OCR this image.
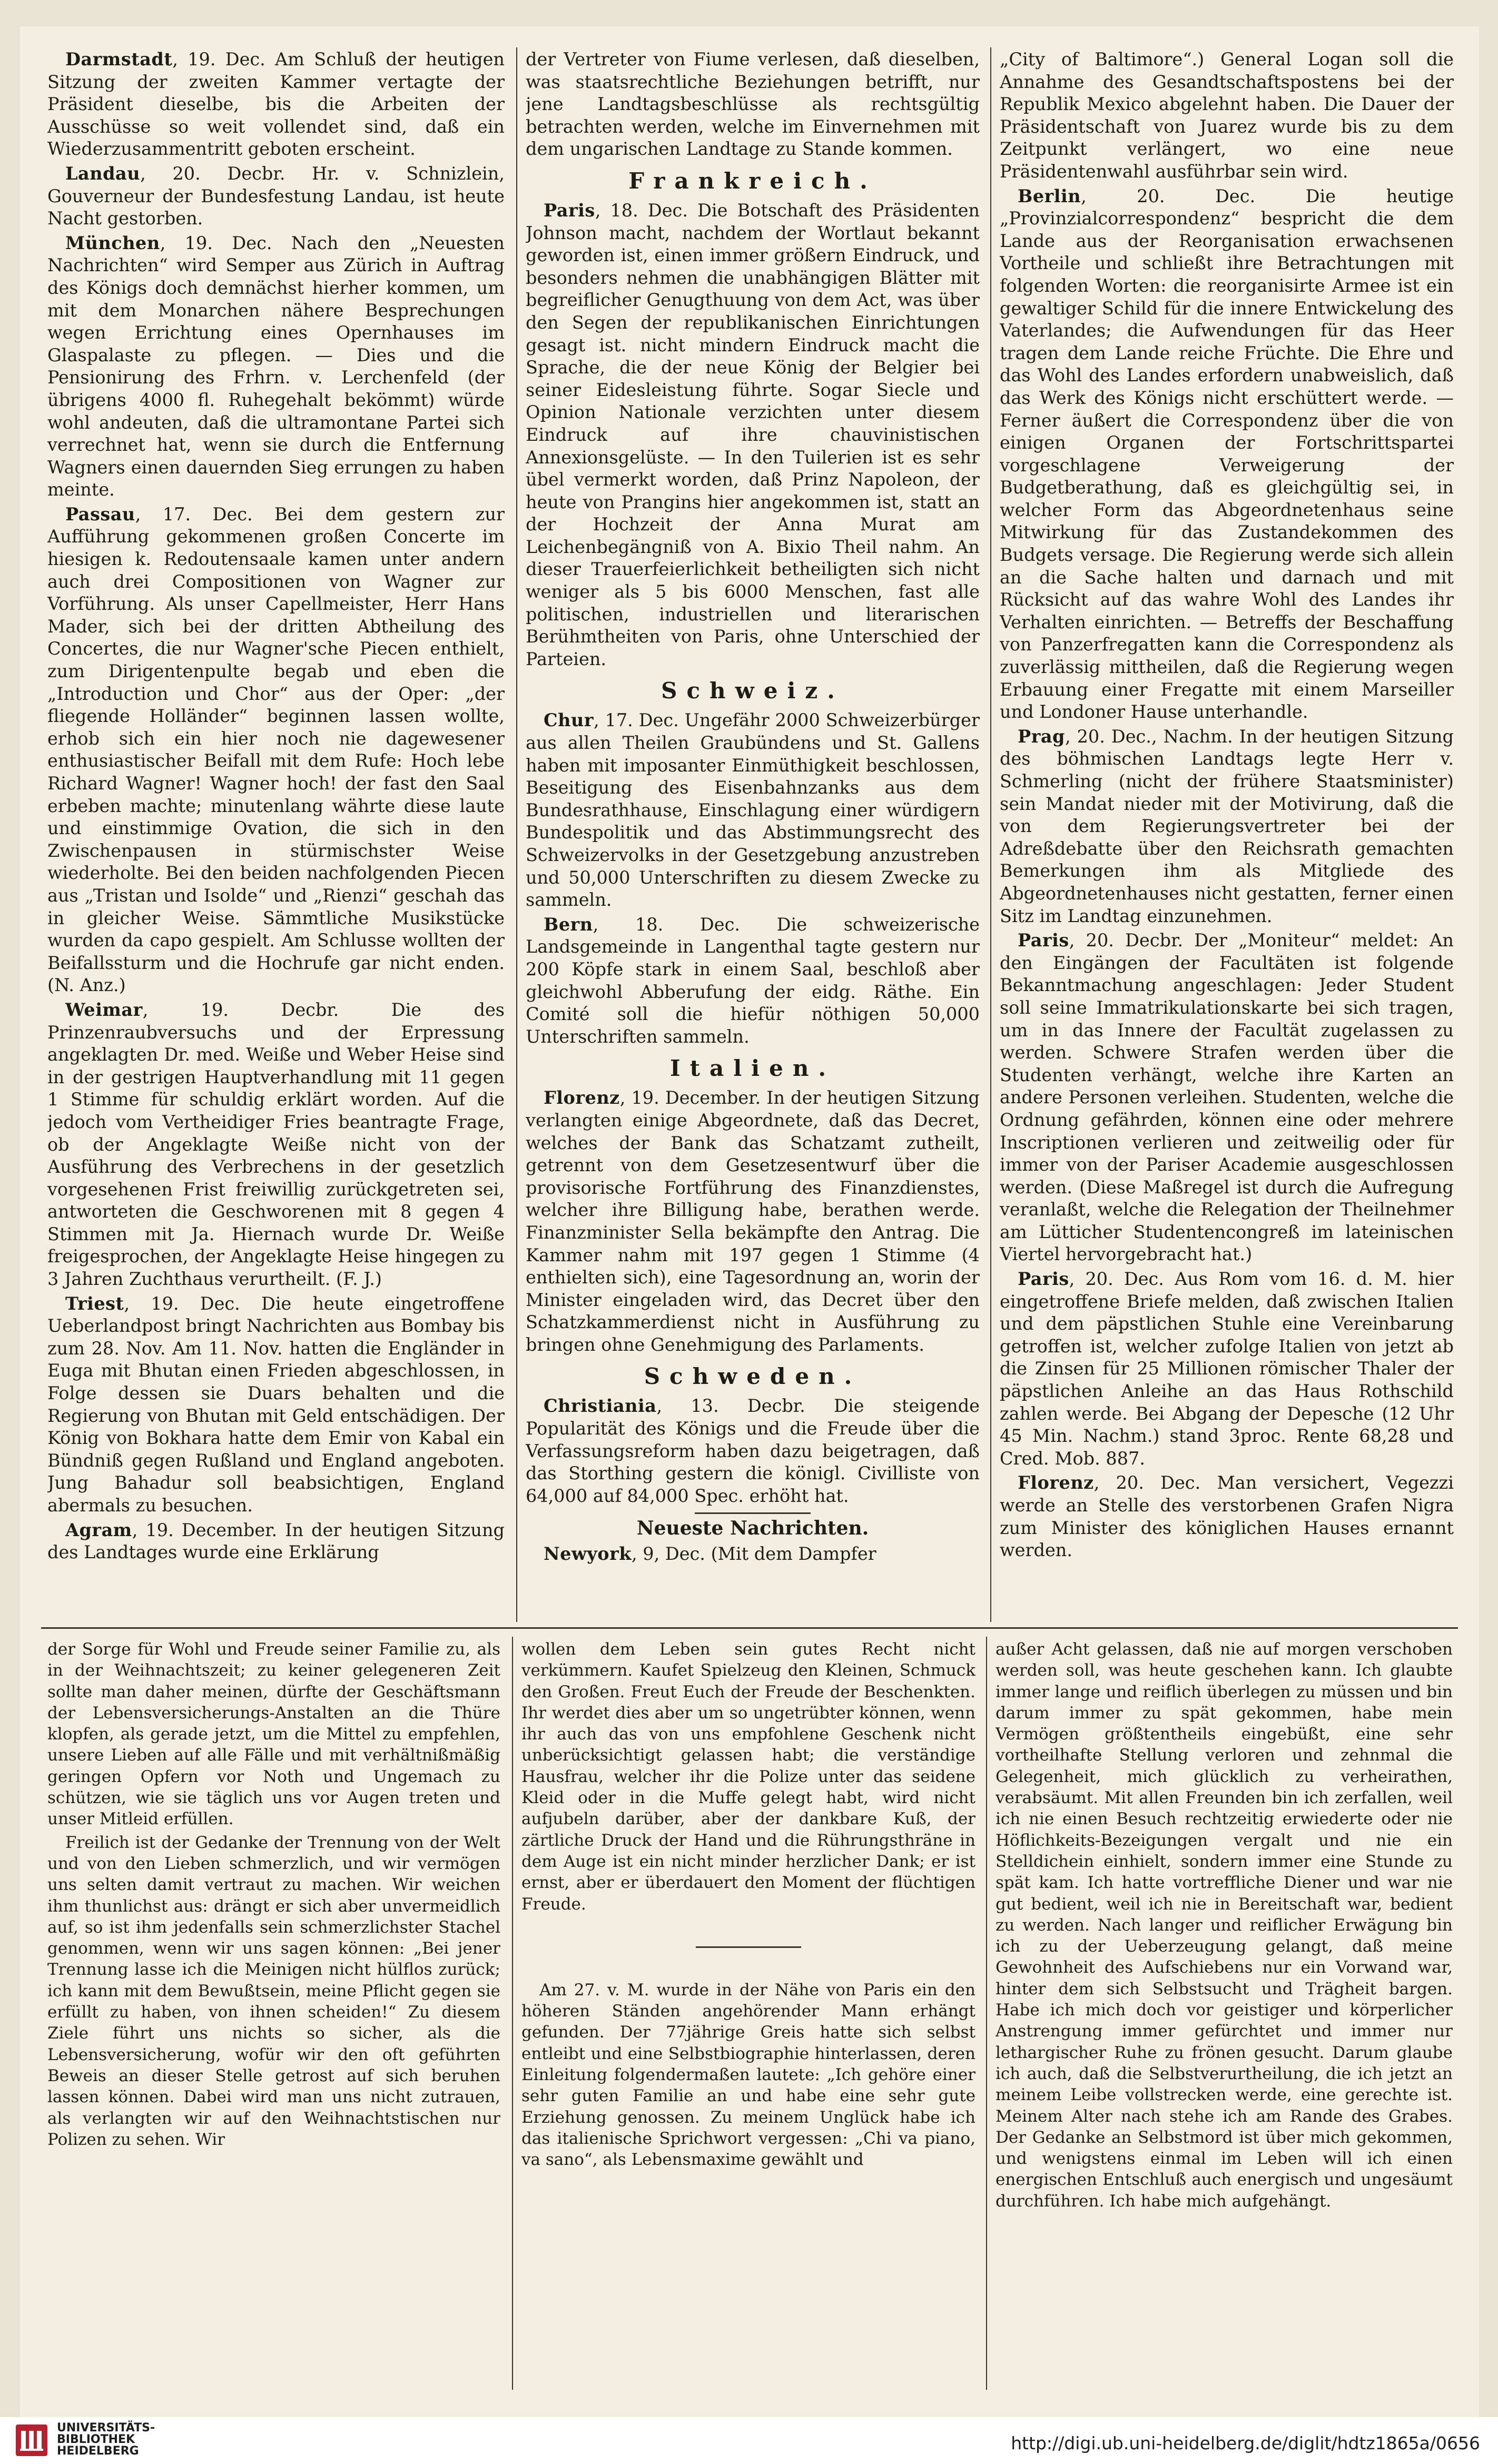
Darmstadt, 19. Dec. Am Schluß der heutigen Sitzung der zweiten Kammer vertagte der Präsident dieselbe, bis die Arbeiten der Ausschüsse so weit vollendet sind, daß ein Wiederzusammentritt geboten erscheint.

Landau, 20. Decbr. Hr. v. Schnizlein, Gouverneur der Bundesfestung Landau, ist heute Nacht gestorben.

München, 19. Dec. Nach den „Neuesten Nachrichten“ wird Semper aus Zürich in Auftrag des Königs doch demnächst hierher kommen, um mit dem Monarchen nähere Besprechungen wegen Errichtung eines Opernhauses im Glaspalaste zu pflegen. — Dies und die Pensionirung des Frhrn. v. Lerchenfeld (der übrigens 4000 fl. Ruhegehalt bekömmt) würde wohl andeuten, daß die ultramontane Partei sich verrechnet hat, wenn sie durch die Entfernung Wagners einen dauernden Sieg errungen zu haben meinte.

Passau, 17. Dec. Bei dem gestern zur Aufführung gekommenen großen Concerte im hiesigen k. Redoutensaale kamen unter andern auch drei Compositionen von Wagner zur Vorführung. Als unser Capellmeister, Herr Hans Mader, sich bei der dritten Abtheilung des Concertes, die nur Wagner'sche Piecen enthielt, zum Dirigentenpulte begab und eben die „Introduction und Chor“ aus der Oper: „der fliegende Holländer“ beginnen lassen wollte, erhob sich ein hier noch nie dagewesener enthusiastischer Beifall mit dem Rufe: Hoch lebe Richard Wagner! Wagner hoch! der fast den Saal erbeben machte; minutenlang währte diese laute und einstimmige Ovation, die sich in den Zwischenpausen in stürmischster Weise wiederholte. Bei den beiden nachfolgenden Piecen aus „Tristan und Isolde“ und „Rienzi“ geschah das in gleicher Weise. Sämmtliche Musikstücke wurden da capo gespielt. Am Schlusse wollten der Beifallssturm und die Hochrufe gar nicht enden. (N. Anz.)

Weimar, 19. Decbr. Die des Prinzenraubversuchs und der Erpressung angeklagten Dr. med. Weiße und Weber Heise sind in der gestrigen Hauptverhandlung mit 11 gegen 1 Stimme für schuldig erklärt worden. Auf die jedoch vom Vertheidiger Fries beantragte Frage, ob der Angeklagte Weiße nicht von der Ausführung des Verbrechens in der gesetzlich vorgesehenen Frist freiwillig zurückgetreten sei, antworteten die Geschworenen mit 8 gegen 4 Stimmen mit Ja. Hiernach wurde Dr. Weiße freigesprochen, der Angeklagte Heise hingegen zu 3 Jahren Zuchthaus verurtheilt. (F. J.)

Triest, 19. Dec. Die heute eingetroffene Ueberlandpost bringt Nachrichten aus Bombay bis zum 28. Nov. Am 11. Nov. hatten die Engländer in Euga mit Bhutan einen Frieden abgeschlossen, in Folge dessen sie Duars behalten und die Regierung von Bhutan mit Geld entschädigen. Der König von Bokhara hatte dem Emir von Kabal ein Bündniß gegen Rußland und England angeboten. Jung Bahadur soll beabsichtigen, England abermals zu besuchen.

Agram, 19. December. In der heutigen Sitzung des Landtages wurde eine Erklärung

der Vertreter von Fiume verlesen, daß dieselben, was staatsrechtliche Beziehungen betrifft, nur jene Landtagsbeschlüsse als rechtsgültig betrachten werden, welche im Einvernehmen mit dem ungarischen Landtage zu Stande kommen.

Frankreich.

Paris, 18. Dec. Die Botschaft des Präsidenten Johnson macht, nachdem der Wortlaut bekannt geworden ist, einen immer größern Eindruck, und besonders nehmen die unabhängigen Blätter mit begreiflicher Genugthuung von dem Act, was über den Segen der republikanischen Einrichtungen gesagt ist. nicht mindern Eindruck macht die Sprache, die der neue König der Belgier bei seiner Eidesleistung führte. Sogar Siecle und Opinion Nationale verzichten unter diesem Eindruck auf ihre chauvinistischen Annexionsgelüste. — In den Tuilerien ist es sehr übel vermerkt worden, daß Prinz Napoleon, der heute von Prangins hier angekommen ist, statt an der Hochzeit der Anna Murat am Leichenbegängniß von A. Bixio Theil nahm. An dieser Trauerfeierlichkeit betheiligten sich nicht weniger als 5 bis 6000 Menschen, fast alle politischen, industriellen und literarischen Berühmtheiten von Paris, ohne Unterschied der Parteien.

Schweiz.

Chur, 17. Dec. Ungefähr 2000 Schweizerbürger aus allen Theilen Graubündens und St. Gallens haben mit imposanter Einmüthigkeit beschlossen, Beseitigung des Eisenbahnzanks aus dem Bundesrathhause, Einschlagung einer würdigern Bundespolitik und das Abstimmungsrecht des Schweizervolks in der Gesetzgebung anzustreben und 50,000 Unterschriften zu diesem Zwecke zu sammeln.

Bern, 18. Dec. Die schweizerische Landsgemeinde in Langenthal tagte gestern nur 200 Köpfe stark in einem Saal, beschloß aber gleichwohl Abberufung der eidg. Räthe. Ein Comité soll die hiefür nöthigen 50,000 Unterschriften sammeln.

Italien.

Florenz, 19. December. In der heutigen Sitzung verlangten einige Abgeordnete, daß das Decret, welches der Bank das Schatzamt zutheilt, getrennt von dem Gesetzesentwurf über die provisorische Fortführung des Finanzdienstes, welcher ihre Billigung habe, berathen werde. Finanzminister Sella bekämpfte den Antrag. Die Kammer nahm mit 197 gegen 1 Stimme (4 enthielten sich), eine Tagesordnung an, worin der Minister eingeladen wird, das Decret über den Schatzkammerdienst nicht in Ausführung zu bringen ohne Genehmigung des Parlaments.

Schweden.

Christiania, 13. Decbr. Die steigende Popularität des Königs und die Freude über die Verfassungsreform haben dazu beigetragen, daß das Storthing gestern die königl. Civilliste von 64,000 auf 84,000 Spec. erhöht hat.

Neueste Nachrichten.

Newyork, 9, Dec. (Mit dem Dampfer

„City of Baltimore“.) General Logan soll die Annahme des Gesandtschaftspostens bei der Republik Mexico abgelehnt haben. Die Dauer der Präsidentschaft von Juarez wurde bis zu dem Zeitpunkt verlängert, wo eine neue Präsidentenwahl ausführbar sein wird.

Berlin, 20. Dec. Die heutige „Provinzialcorrespondenz“ bespricht die dem Lande aus der Reorganisation erwachsenen Vortheile und schließt ihre Betrachtungen mit folgenden Worten: die reorganisirte Armee ist ein gewaltiger Schild für die innere Entwickelung des Vaterlandes; die Aufwendungen für das Heer tragen dem Lande reiche Früchte. Die Ehre und das Wohl des Landes erfordern unabweislich, daß das Werk des Königs nicht erschüttert werde. — Ferner äußert die Correspondenz über die von einigen Organen der Fortschrittspartei vorgeschlagene Verweigerung der Budgetberathung, daß es gleichgültig sei, in welcher Form das Abgeordnetenhaus seine Mitwirkung für das Zustandekommen des Budgets versage. Die Regierung werde sich allein an die Sache halten und darnach und mit Rücksicht auf das wahre Wohl des Landes ihr Verhalten einrichten. — Betreffs der Beschaffung von Panzerfregatten kann die Correspondenz als zuverlässig mittheilen, daß die Regierung wegen Erbauung einer Fregatte mit einem Marseiller und Londoner Hause unterhandle.

Prag, 20. Dec., Nachm. In der heutigen Sitzung des böhmischen Landtags legte Herr v. Schmerling (nicht der frühere Staatsminister) sein Mandat nieder mit der Motivirung, daß die von dem Regierungsvertreter bei der Adreßdebatte über den Reichsrath gemachten Bemerkungen ihm als Mitgliede des Abgeordnetenhauses nicht gestatten, ferner einen Sitz im Landtag einzunehmen.

Paris, 20. Decbr. Der „Moniteur“ meldet: An den Eingängen der Facultäten ist folgende Bekanntmachung angeschlagen: Jeder Student soll seine Immatrikulationskarte bei sich tragen, um in das Innere der Facultät zugelassen zu werden. Schwere Strafen werden über die Studenten verhängt, welche ihre Karten an andere Personen verleihen. Studenten, welche die Ordnung gefährden, können eine oder mehrere Inscriptionen verlieren und zeitweilig oder für immer von der Pariser Academie ausgeschlossen werden. (Diese Maßregel ist durch die Aufregung veranlaßt, welche die Relegation der Theilnehmer am Lütticher Studentencongreß im lateinischen Viertel hervorgebracht hat.)

Paris, 20. Dec. Aus Rom vom 16. d. M. hier eingetroffene Briefe melden, daß zwischen Italien und dem päpstlichen Stuhle eine Vereinbarung getroffen ist, welcher zufolge Italien von jetzt ab die Zinsen für 25 Millionen römischer Thaler der päpstlichen Anleihe an das Haus Rothschild zahlen werde. Bei Abgang der Depesche (12 Uhr 45 Min. Nachm.) stand 3proc. Rente 68,28 und Cred. Mob. 887.

Florenz, 20. Dec. Man versichert, Vegezzi werde an Stelle des verstorbenen Grafen Nigra zum Minister des königlichen Hauses ernannt werden.

der Sorge für Wohl und Freude seiner Familie zu, als in der Weihnachtszeit; zu keiner gelegeneren Zeit sollte man daher meinen, dürfte der Geschäftsmann der Lebensversicherungs-Anstalten an die Thüre klopfen, als gerade jetzt, um die Mittel zu empfehlen, unsere Lieben auf alle Fälle und mit verhältnißmäßig geringen Opfern vor Noth und Ungemach zu schützen, wie sie täglich uns vor Augen treten und unser Mitleid erfüllen.

Freilich ist der Gedanke der Trennung von der Welt und von den Lieben schmerzlich, und wir vermögen uns selten damit vertraut zu machen. Wir weichen ihm thunlichst aus: drängt er sich aber unvermeidlich auf, so ist ihm jedenfalls sein schmerzlichster Stachel genommen, wenn wir uns sagen können: „Bei jener Trennung lasse ich die Meinigen nicht hülflos zurück; ich kann mit dem Bewußtsein, meine Pflicht gegen sie erfüllt zu haben, von ihnen scheiden!“ Zu diesem Ziele führt uns nichts so sicher, als die Lebensversicherung, wofür wir den oft geführten Beweis an dieser Stelle getrost auf sich beruhen lassen können. Dabei wird man uns nicht zutrauen, als verlangten wir auf den Weihnachtstischen nur Polizen zu sehen. Wir

wollen dem Leben sein gutes Recht nicht verkümmern. Kaufet Spielzeug den Kleinen, Schmuck den Großen. Freut Euch der Freude der Beschenkten. Ihr werdet dies aber um so ungetrübter können, wenn ihr auch das von uns empfohlene Geschenk nicht unberücksichtigt gelassen habt; die verständige Hausfrau, welcher ihr die Polize unter das seidene Kleid oder in die Muffe gelegt habt, wird nicht aufjubeln darüber, aber der dankbare Kuß, der zärtliche Druck der Hand und die Rührungsthräne in dem Auge ist ein nicht minder herzlicher Dank; er ist ernst, aber er überdauert den Moment der flüchtigen Freude.

Am 27. v. M. wurde in der Nähe von Paris ein den höheren Ständen angehörender Mann erhängt gefunden. Der 77jährige Greis hatte sich selbst entleibt und eine Selbstbiographie hinterlassen, deren Einleitung folgendermaßen lautete: „Ich gehöre einer sehr guten Familie an und habe eine sehr gute Erziehung genossen. Zu meinem Unglück habe ich das italienische Sprichwort vergessen: „Chi va piano, va sano“, als Lebensmaxime gewählt und

außer Acht gelassen, daß nie auf morgen verschoben werden soll, was heute geschehen kann. Ich glaubte immer lange und reiflich überlegen zu müssen und bin darum immer zu spät gekommen, habe mein Vermögen größtentheils eingebüßt, eine sehr vortheilhafte Stellung verloren und zehnmal die Gelegenheit, mich glücklich zu verheirathen, verabsäumt. Mit allen Freunden bin ich zerfallen, weil ich nie einen Besuch rechtzeitig erwiederte oder nie Höflichkeits-Bezeigungen vergalt und nie ein Stelldichein einhielt, sondern immer eine Stunde zu spät kam. Ich hatte vortreffliche Diener und war nie gut bedient, weil ich nie in Bereitschaft war, bedient zu werden. Nach langer und reiflicher Erwägung bin ich zu der Ueberzeugung gelangt, daß meine Gewohnheit des Aufschiebens nur ein Vorwand war, hinter dem sich Selbstsucht und Trägheit bargen. Habe ich mich doch vor geistiger und körperlicher Anstrengung immer gefürchtet und immer nur lethargischer Ruhe zu frönen gesucht. Darum glaube ich auch, daß die Selbstverurtheilung, die ich jetzt an meinem Leibe vollstrecken werde, eine gerechte ist. Meinem Alter nach stehe ich am Rande des Grabes. Der Gedanke an Selbstmord ist über mich gekommen, und wenigstens einmal im Leben will ich einen energischen Entschluß auch energisch und ungesäumt durchführen. Ich habe mich aufgehängt.

UNIVERSITÄTS-
BIBLIOTHEK
HEIDELBERG	http://digi.ub.uni-heidelberg.de/diglit/hdtz1865a/0656
